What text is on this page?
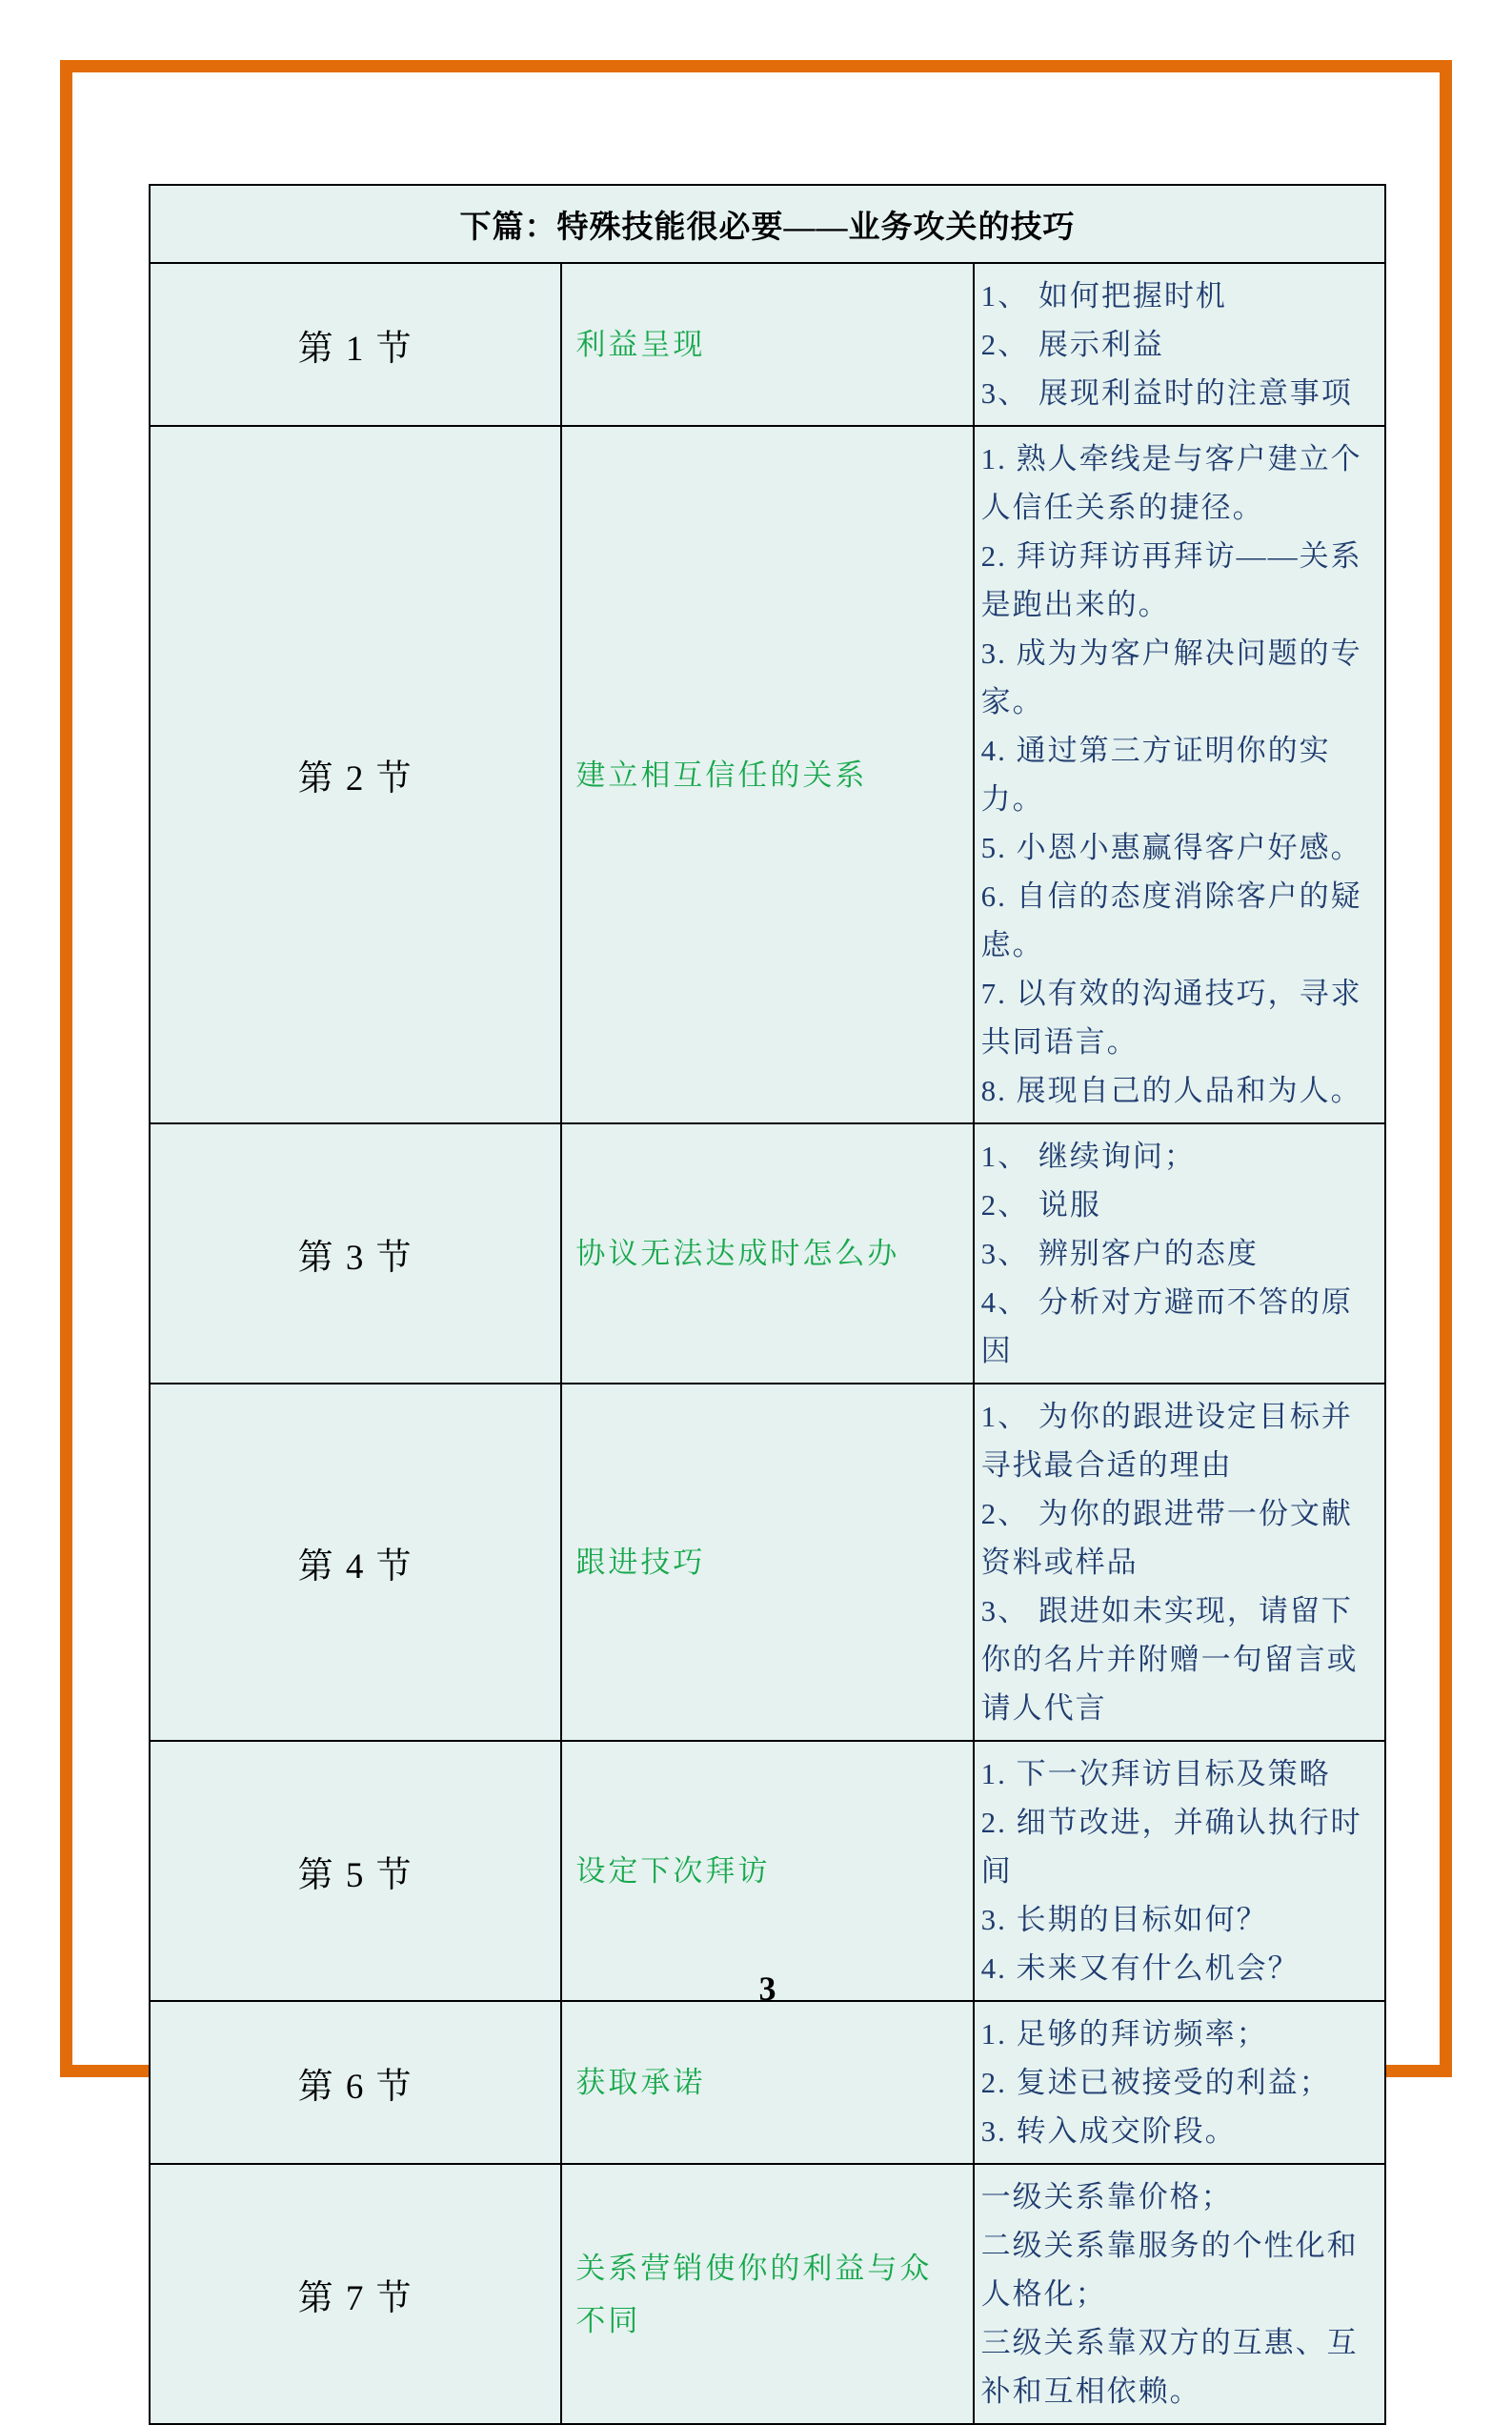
下篇：特殊技能很必要——业务攻关的技巧		
第 1 节	利益呈现	1、 如何把握时机
2、 展示利益
3、 展现利益时的注意事项

第 2 节	建立相互信任的关系	
1. 熟人牵线是与客户建立个人信任关系的捷径。
2. 拜访拜访再拜访——关系是跑出来的。
3. 成为为客户解决问题的专家。
4. 通过第三方证明你的实力。
5. 小恩小惠赢得客户好感。
6. 自信的态度消除客户的疑虑。
7. 以有效的沟通技巧，寻求共同语言。
8. 展现自己的人品和为人。

第 3 节	协议无法达成时怎么办	1、 继续询问；
2、 说服
3、 辨别客户的态度
4、 分析对方避而不答的原因

第 4 节	跟进技巧	1、 为你的跟进设定目标并寻找最合适的理由
2、 为你的跟进带一份文献资料或样品
3、 跟进如未实现，请留下你的名片并附赠一句留言或请人代言

第 5 节	设定下次拜访	1. 下一次拜访目标及策略
2. 细节改进，并确认执行时间
3. 长期的目标如何？
4. 未来又有什么机会？

第 6 节	获取承诺	1. 足够的拜访频率；
2. 复述已被接受的利益；
3. 转入成交阶段。

第 7 节	关系营销使你的利益与众不同	一级关系靠价格；
二级关系靠服务的个性化和人格化；
三级关系靠双方的互惠、互补和互相依赖。
3
